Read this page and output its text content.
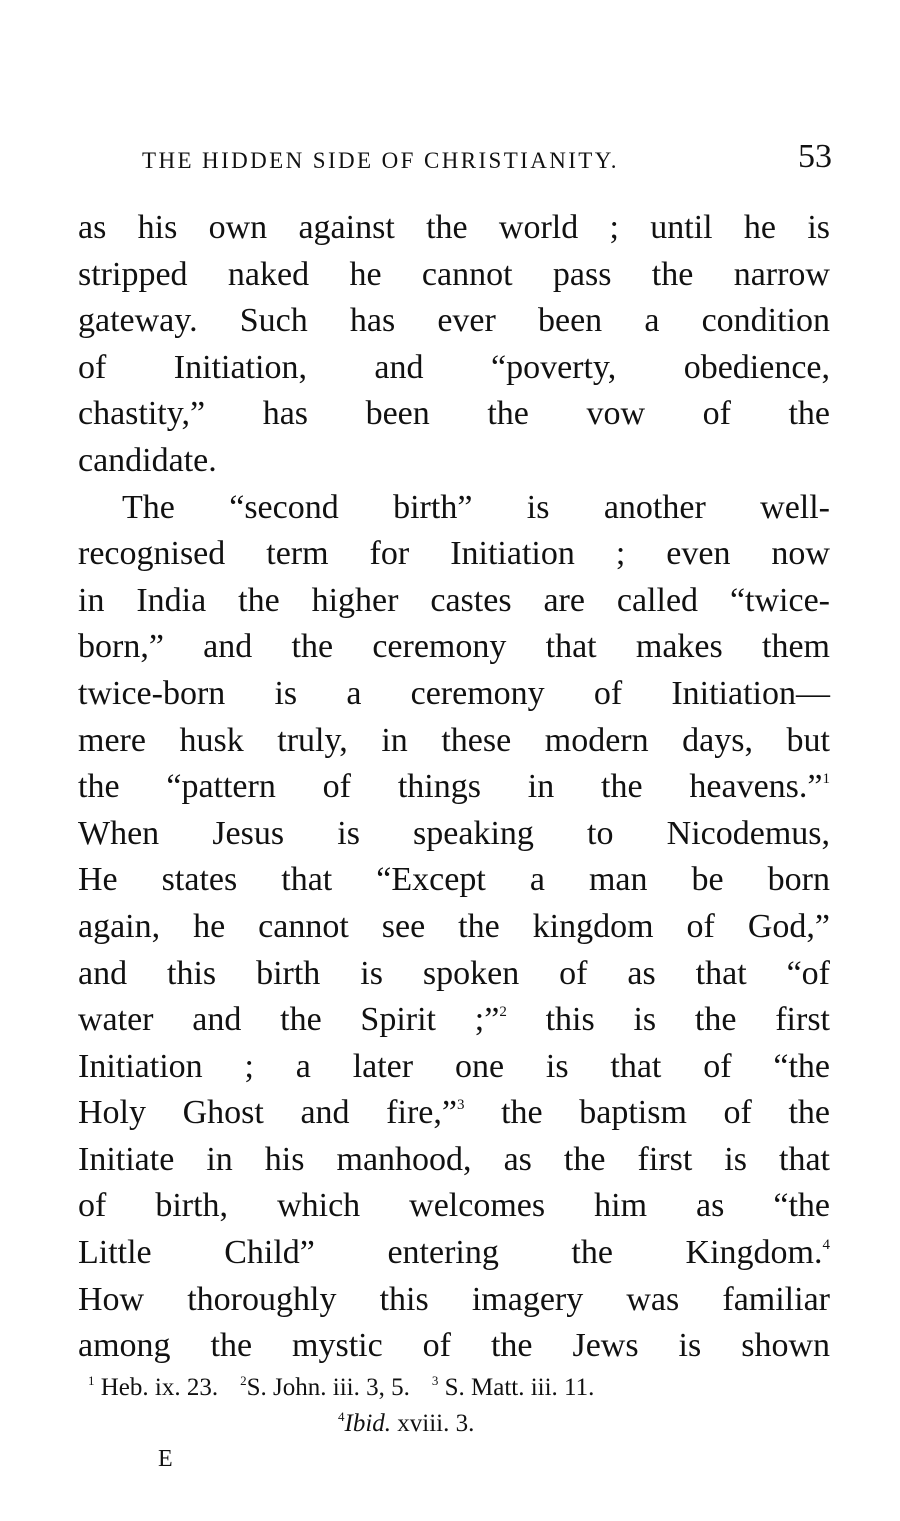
THE HIDDEN SIDE OF CHRISTIANITY.	53
as his own against the world ; until he is
stripped naked he cannot pass the narrow
gateway. Such has ever been a condition
of Initiation, and “poverty, obedience,
chastity,” has been the vow of the
candidate.
The “second birth” is another well-
recognised term for Initiation ; even now
in India the higher castes are called “twice-
born,” and the ceremony that makes them
twice-born is a ceremony of Initiation—
mere husk truly, in these modern days, but
the “pattern of things in the heavens.”$^1$
When Jesus is speaking to Nicodemus,
He states that “Except a man be born
again, he cannot see the kingdom of God,”
and this birth is spoken of as that “of
water and the Spirit ;”$^2$ this is the first
Initiation ; a later one is that of “the
Holy Ghost and fire,”$^3$ the baptism of the
Initiate in his manhood, as the first is that
of birth, which welcomes him as “the
Little Child” entering the Kingdom.$^4$
How thoroughly this imagery was familiar
among the mystic of the Jews is shown
$^1$ Heb. ix. 23. $^2$S. John. iii. 3, 5. $^3$ S. Matt. iii. 11.
$^4$Ibid. xviii. 3.
E
